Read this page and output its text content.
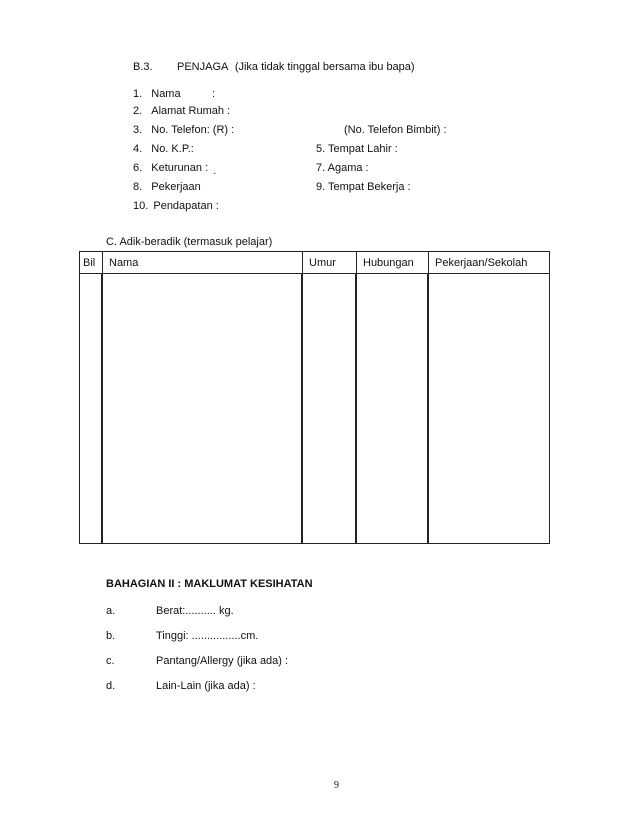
B.3. PENJAGA (Jika tidak tinggal bersama ibu bapa)
1. Nama	:
2. Alamat Rumah :
3. No. Telefon: (R) :	(No. Telefon Bimbit) :
4. No. K.P.:	5. Tempat Lahir :
6. Keturunan : .	7. Agama :
8. Pekerjaan	9. Tempat Bekerja :
10. Pendapatan :
C. Adik-beradik (termasuk pelajar)
Bil	Nama	Umur	Hubungan	Pekerjaan/Sekolah

BAHAGIAN II : MAKLUMAT KESIHATAN
a.	Berat:.......... kg.
b.	Tinggi: ................cm.
c.	Pantang/Allergy (jika ada) :
d.	Lain-Lain (jika ada) :
9
